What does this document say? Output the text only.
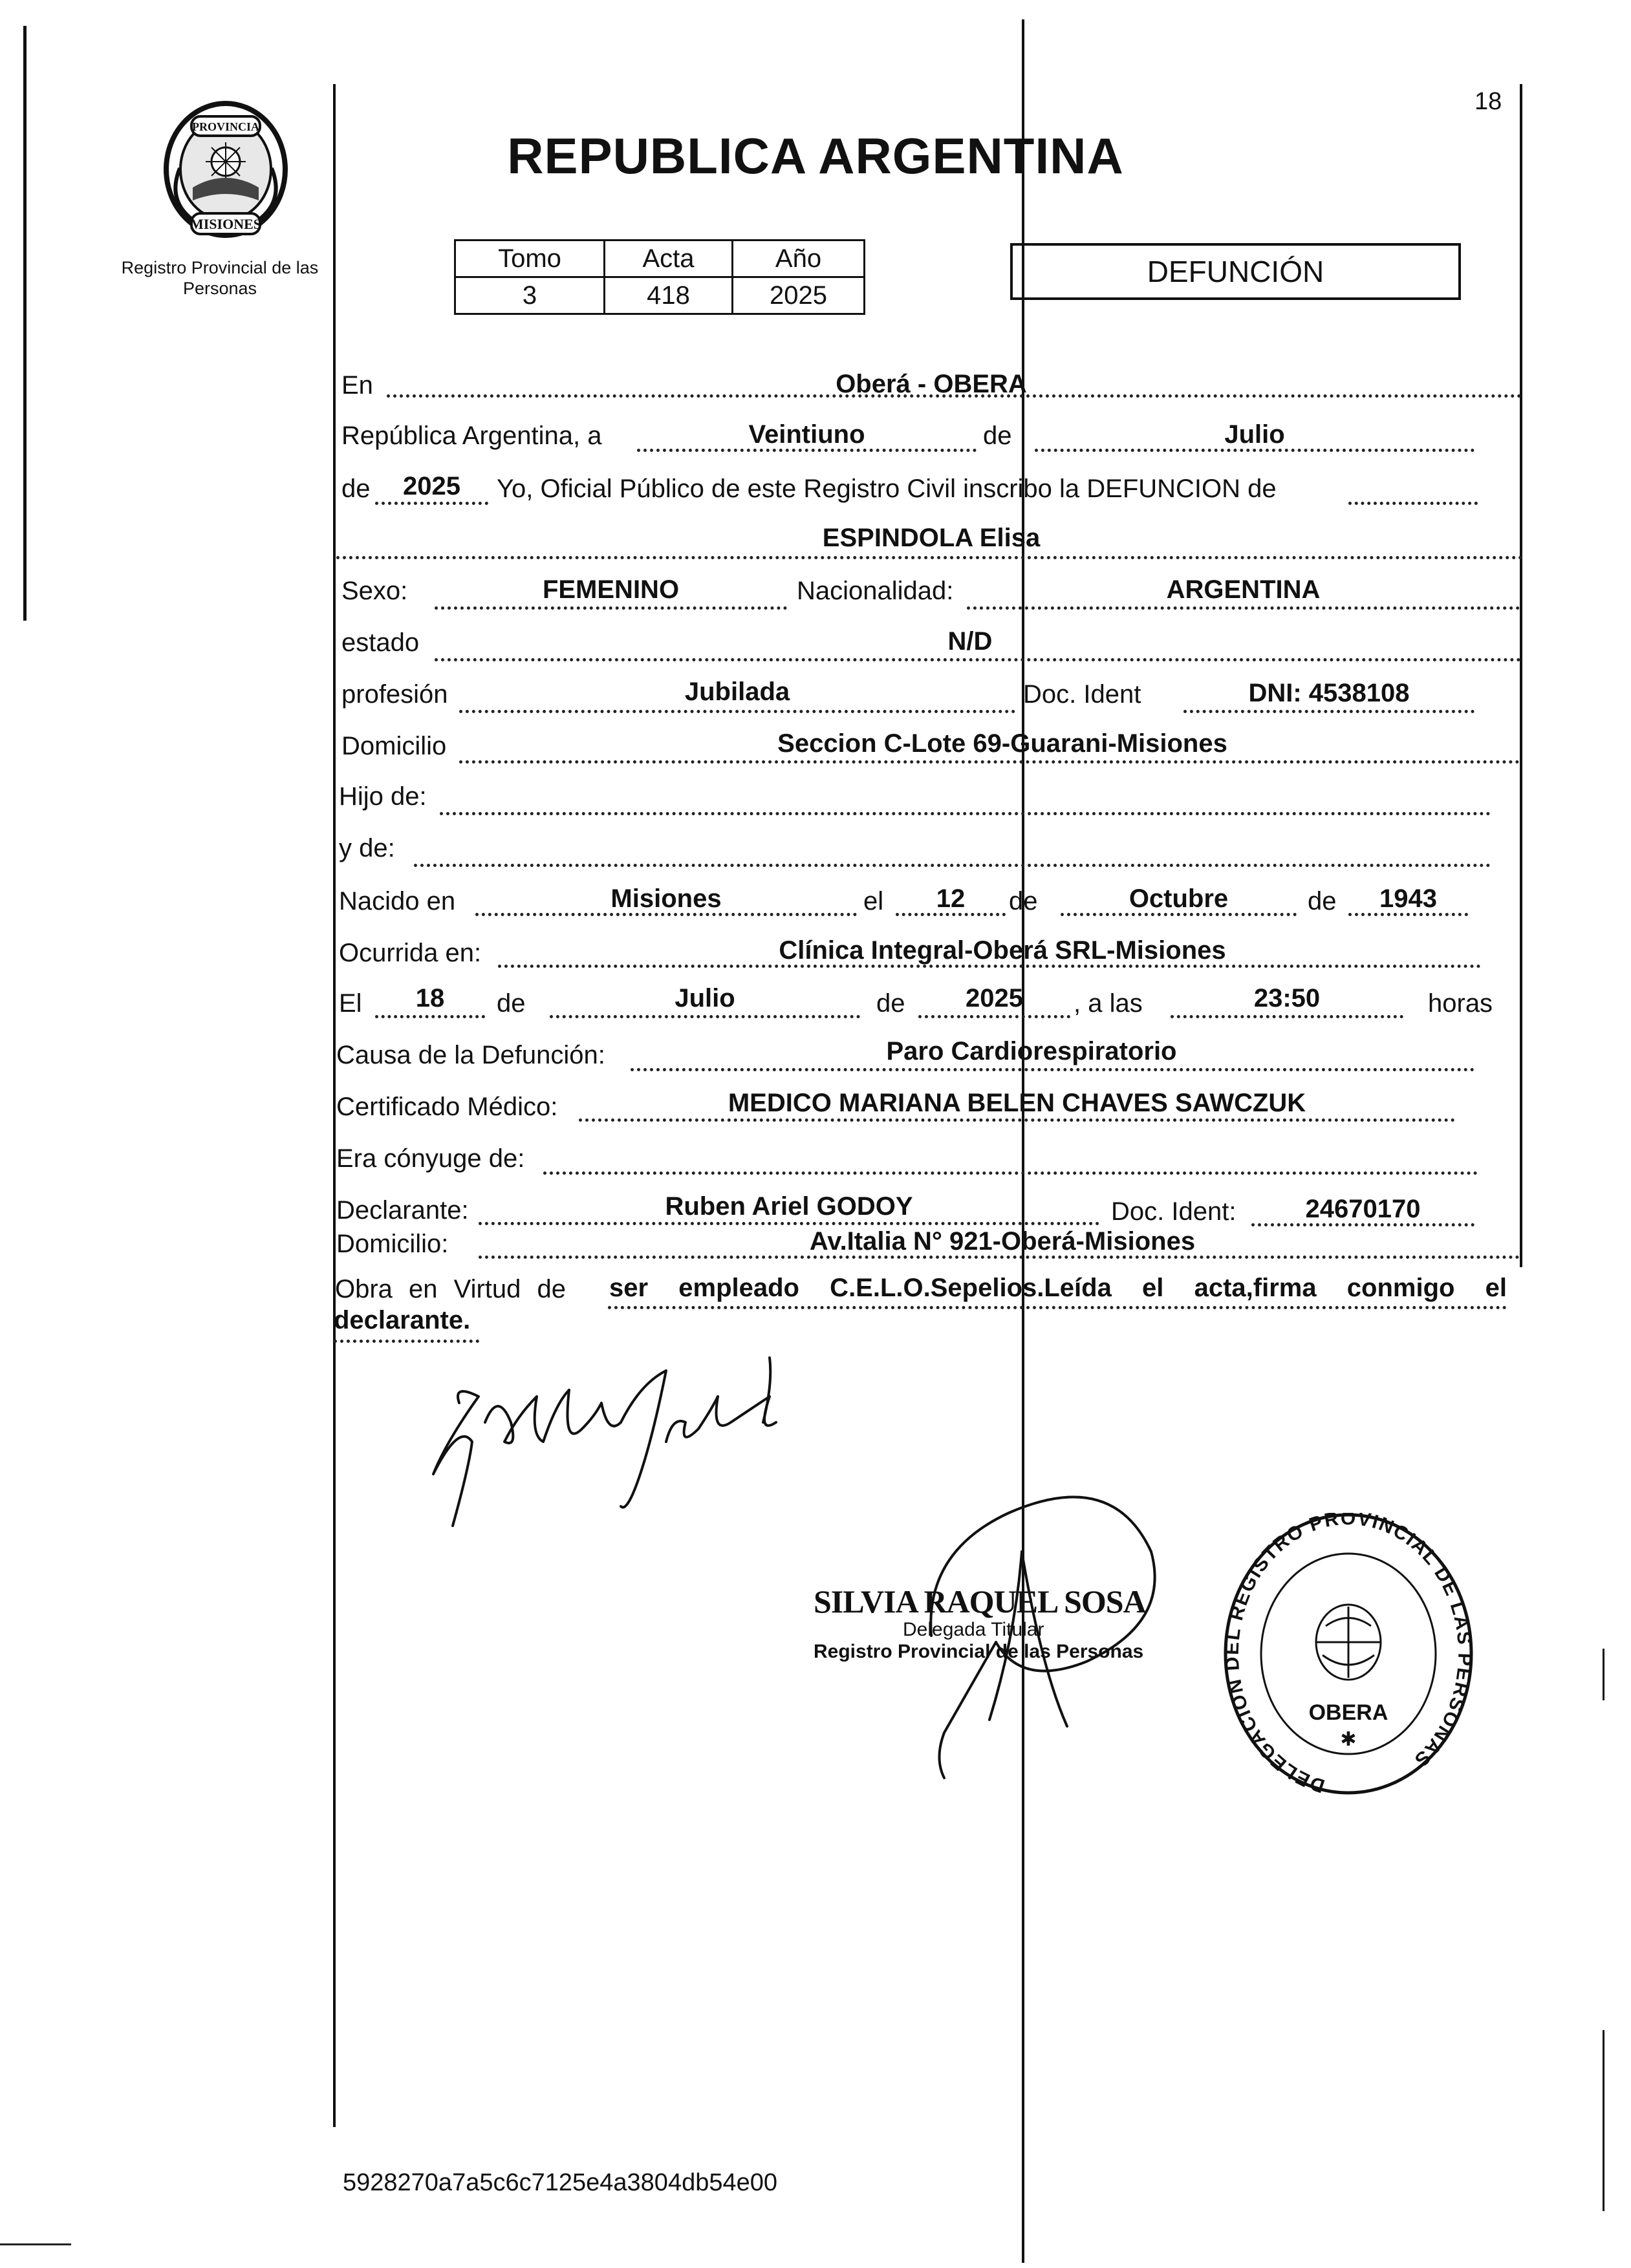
18
PROVINCIA
MISIONES
Registro Provincial de las Personas
REPUBLICA ARGENTINA
Tomo	Acta	Año
3	418	2025
DEFUNCIÓN
En	Oberá - OBERA
República Argentina, a	Veintiuno	de	Julio
de	2025	Yo, Oficial Público de este Registro Civil inscribo la DEFUNCION de
ESPINDOLA Elisa
Sexo:	FEMENINO	Nacionalidad:	ARGENTINA
estado	N/D
profesión	Jubilada	Doc. Ident	DNI: 4538108
Domicilio	Seccion C-Lote 69-Guarani-Misiones
Hijo de:
y de:
Nacido en	Misiones	el	12	de	Octubre	de	1943
Ocurrida en:	Clínica Integral-Oberá SRL-Misiones
El	18	de	Julio	de	2025	, a las	23:50	horas
Causa de la Defunción:	Paro Cardiorespiratorio
Certificado Médico:	MEDICO MARIANA BELEN CHAVES SAWCZUK
Era cónyuge de:
Declarante:	Ruben Ariel GODOY	Doc. Ident:	24670170
Domicilio:	Av.Italia N° 921-Oberá-Misiones
Obra en Virtud de ser empleado C.E.L.O.Sepelios.Leída el acta,firma conmigo el
declarante.
SILVIA RAQUEL SOSA
Delegada Titular
Registro Provincial de las Personas
DELEGACION DEL REGISTRO PROVINCIAL DE LAS PERSONAS
OBERA
✱
5928270a7a5c6c7125e4a3804db54e00
